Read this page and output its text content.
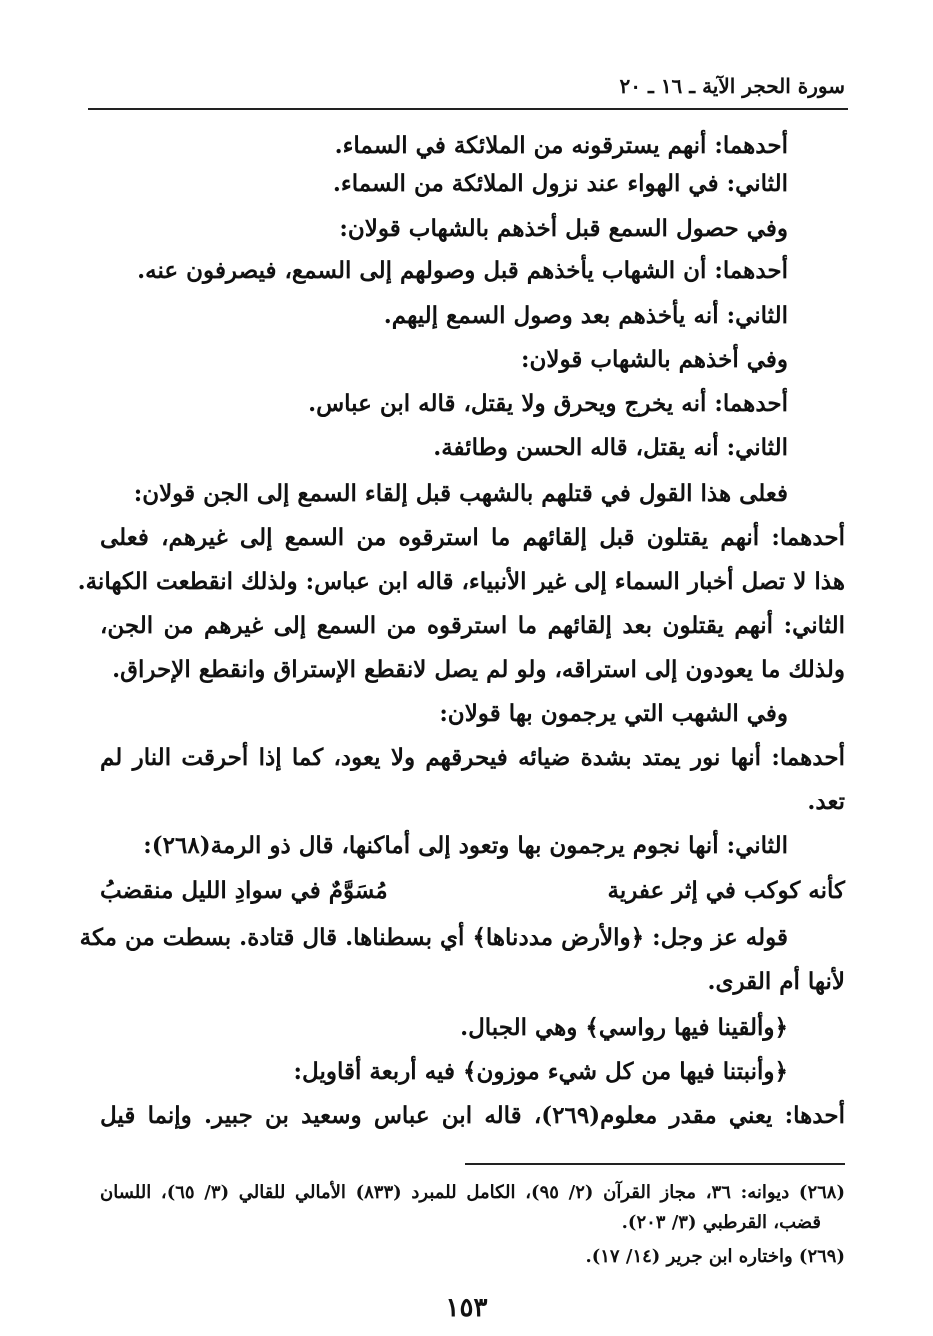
سورة الحجر الآية ـ ١٦ ـ ٢٠
أحدهما: أنهم يسترقونه من الملائكة في السماء.
الثاني: في الهواء عند نزول الملائكة من السماء.
وفي حصول السمع قبل أخذهم بالشهاب قولان:
أحدهما: أن الشهاب يأخذهم قبل وصولهم إلى السمع، فيصرفون عنه.
الثاني: أنه يأخذهم بعد وصول السمع إليهم.
وفي أخذهم بالشهاب قولان:
أحدهما: أنه يخرج ويحرق ولا يقتل، قاله ابن عباس.
الثاني: أنه يقتل، قاله الحسن وطائفة.
فعلى هذا القول في قتلهم بالشهب قبل إلقاء السمع إلى الجن قولان:
أحدهما: أنهم يقتلون قبل إلقائهم ما استرقوه من السمع إلى غيرهم، فعلى
هذا لا تصل أخبار السماء إلى غير الأنبياء، قاله ابن عباس: ولذلك انقطعت الكهانة.
الثاني: أنهم يقتلون بعد إلقائهم ما استرقوه من السمع إلى غيرهم من الجن،
ولذلك ما يعودون إلى استراقه، ولو لم يصل لانقطع الإستراق وانقطع الإحراق.
وفي الشهب التي يرجمون بها قولان:
أحدهما: أنها نور يمتد بشدة ضيائه فيحرقهم ولا يعود، كما إذا أحرقت النار لم
تعد.
الثاني: أنها نجوم يرجمون بها وتعود إلى أماكنها، قال ذو الرمة(٢٦٨):
كأنه كوكب في إثر عفرية
مُسَوَّمٌ في سوادِ الليل منقضبُ
قوله عز وجل: ﴿والأرض مددناها﴾ أي بسطناها. قال قتادة. بسطت من مكة
لأنها أم القرى.
﴿وألقينا فيها رواسي﴾ وهي الجبال.
﴿وأنبتنا فيها من كل شيء موزون﴾ فيه أربعة أقاويل:
أحدها: يعني مقدر معلوم(٢٦٩)، قاله ابن عباس وسعيد بن جبير. وإنما قيل
(٢٦٨) ديوانه: ٣٦، مجاز القرآن (٢/ ٩٥)، الكامل للمبرد (٨٣٣) الأمالي للقالي (٣/ ٦٥)، اللسان
قضب، القرطبي (٣/ ٢٠٣).
(٢٦٩) واختاره ابن جرير (١٤/ ١٧).
١٥٣
